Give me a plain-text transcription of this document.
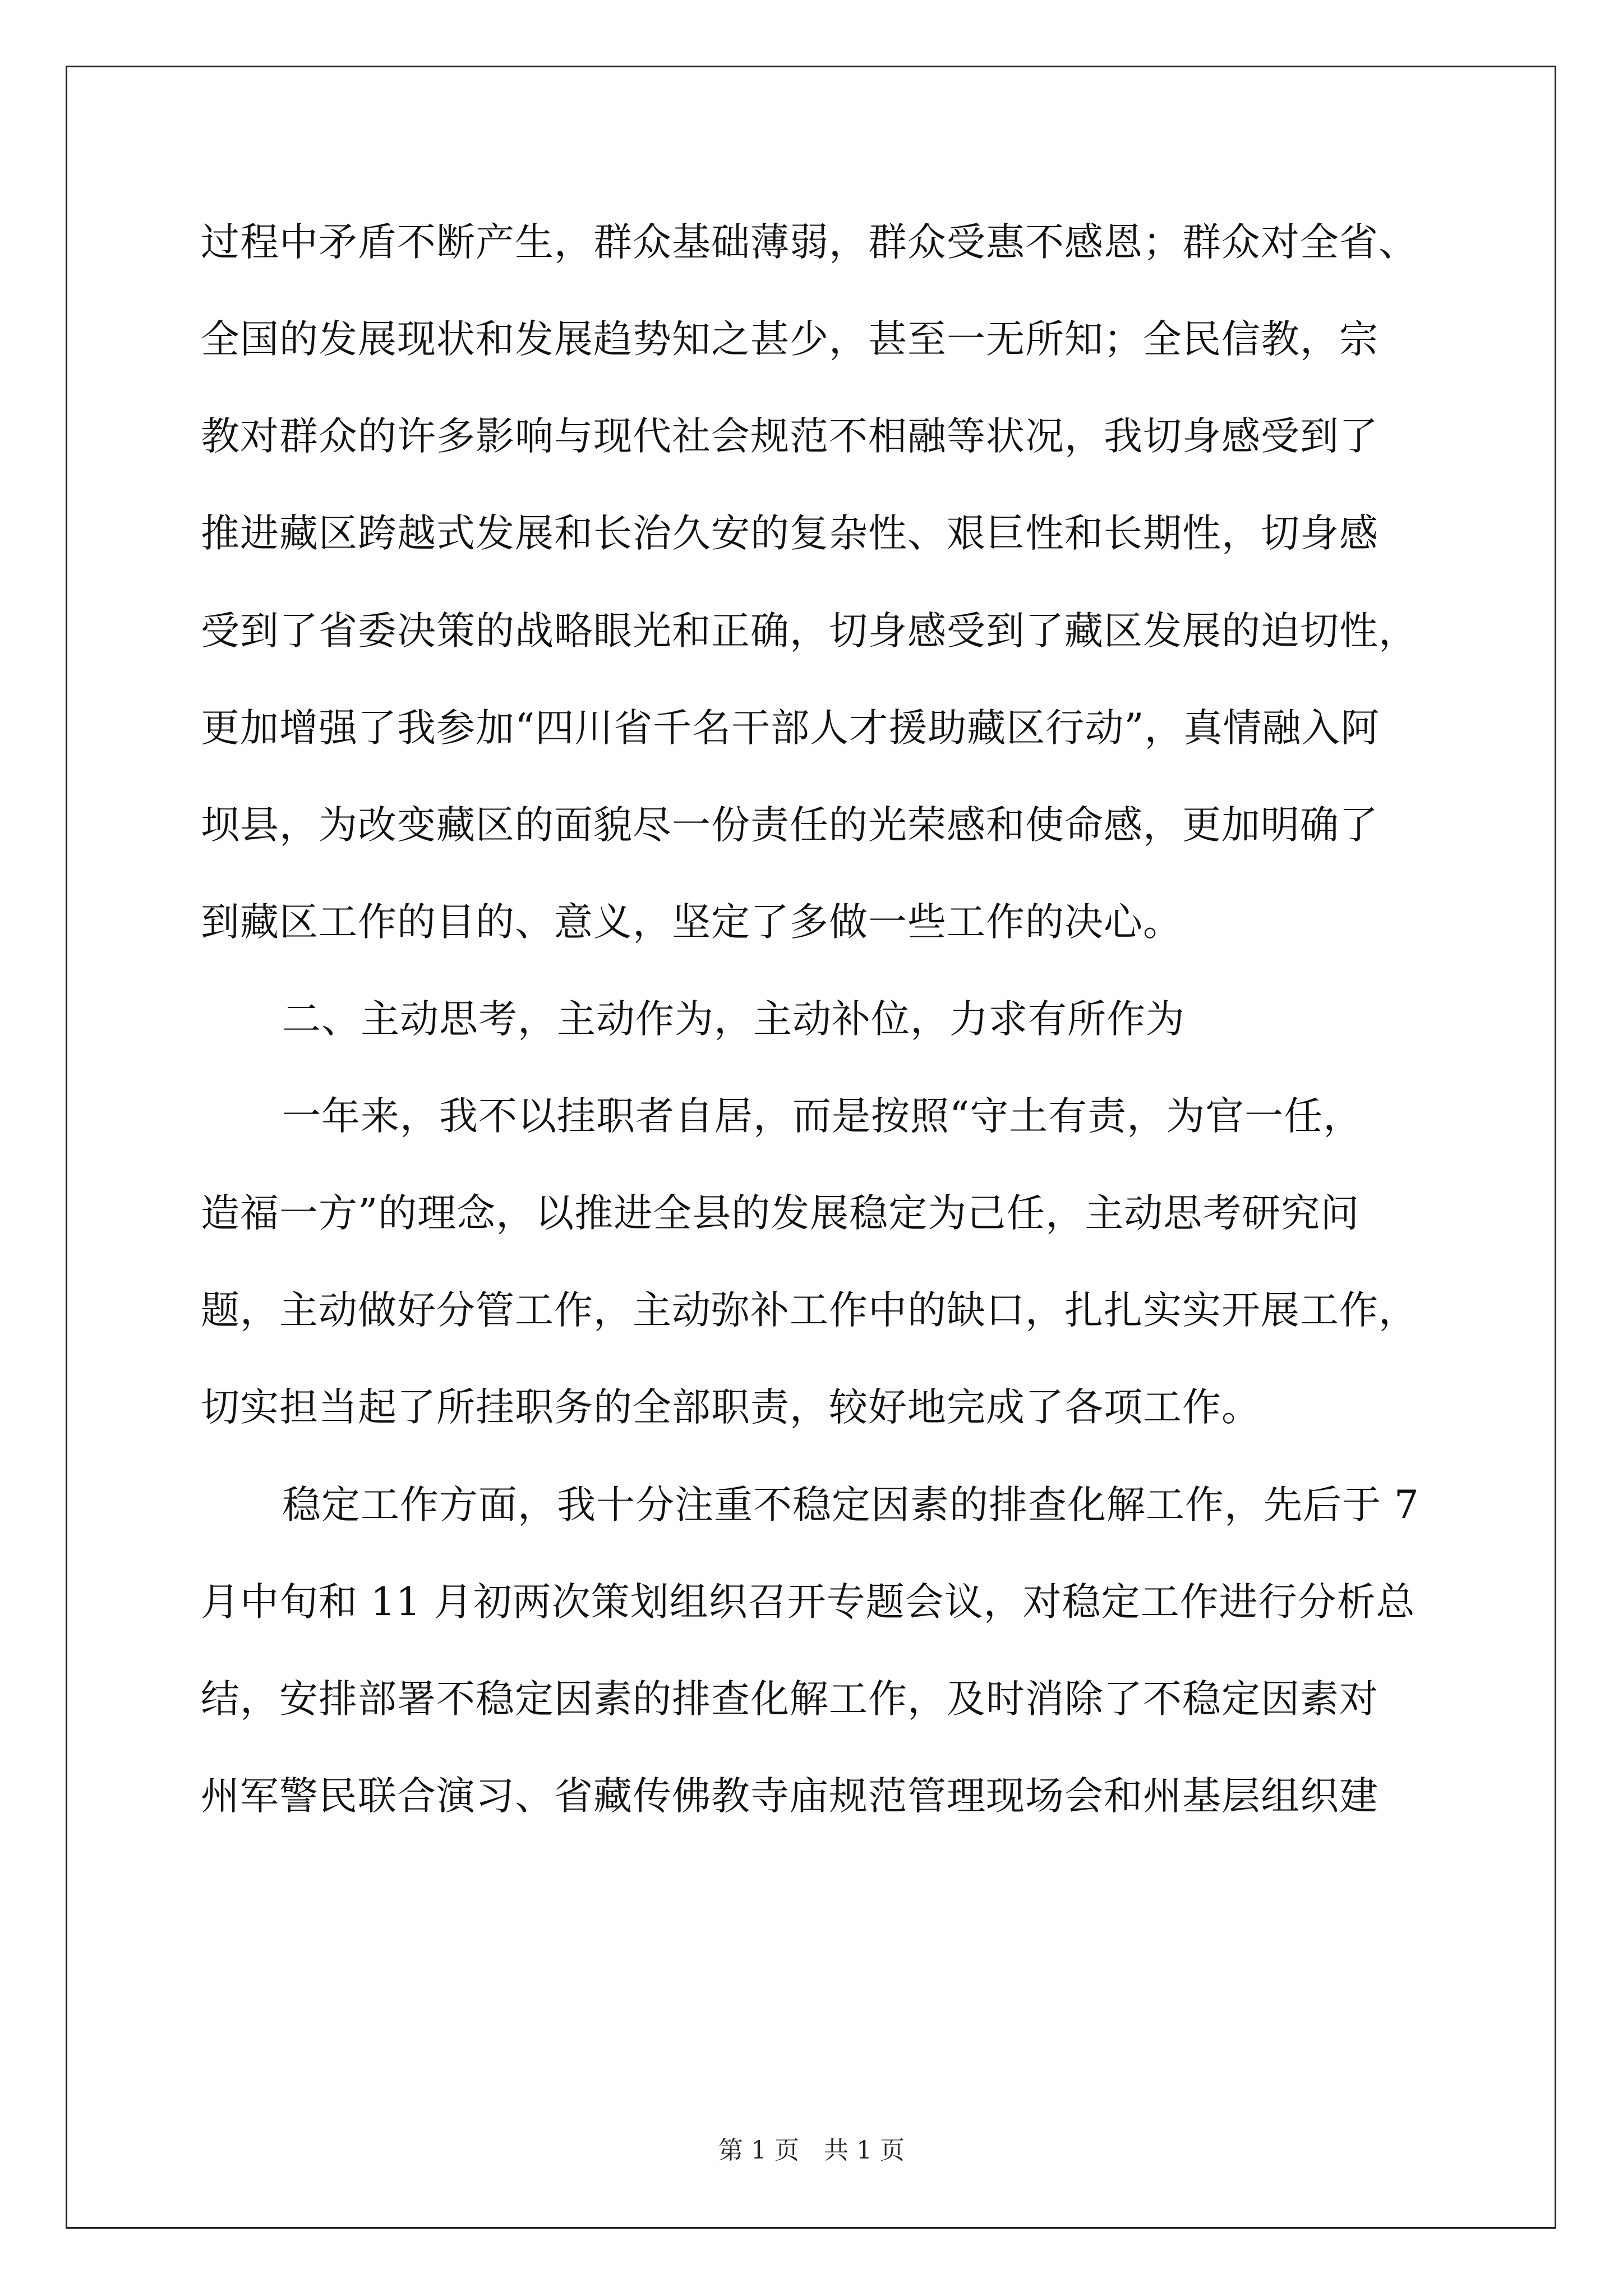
过程中矛盾不断产生，群众基础薄弱，群众受惠不感恩；群众对全省、
全国的发展现状和发展趋势知之甚少，甚至一无所知；全民信教，宗
教对群众的许多影响与现代社会规范不相融等状况，我切身感受到了
推进藏区跨越式发展和长治久安的复杂性、艰巨性和长期性，切身感
受到了省委决策的战略眼光和正确，切身感受到了藏区发展的迫切性，
更加增强了我参加“四川省千名干部人才援助藏区行动”，真情融入阿
坝县，为改变藏区的面貌尽一份责任的光荣感和使命感，更加明确了
到藏区工作的目的、意义，坚定了多做一些工作的决心。
二、主动思考，主动作为，主动补位，力求有所作为
一年来，我不以挂职者自居，而是按照“守土有责，为官一任，
造福一方”的理念，以推进全县的发展稳定为己任，主动思考研究问
题，主动做好分管工作，主动弥补工作中的缺口，扎扎实实开展工作，
切实担当起了所挂职务的全部职责，较好地完成了各项工作。
稳定工作方面，我十分注重不稳定因素的排查化解工作，先后于 7
月中旬和 11 月初两次策划组织召开专题会议，对稳定工作进行分析总
结，安排部署不稳定因素的排查化解工作，及时消除了不稳定因素对
州军警民联合演习、省藏传佛教寺庙规范管理现场会和州基层组织建
第 1 页 共 1 页
